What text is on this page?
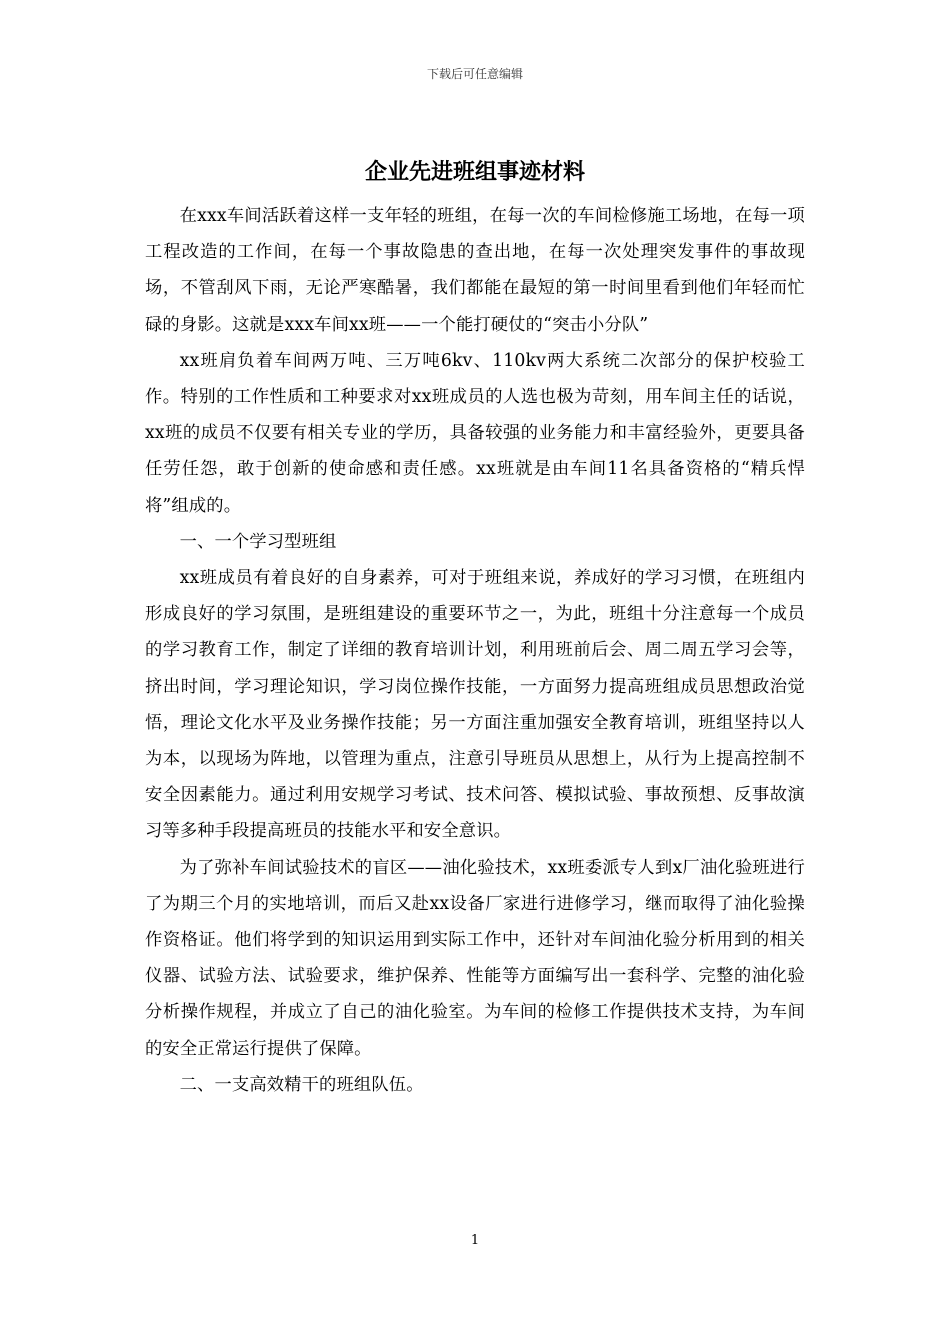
下载后可任意编辑
企业先进班组事迹材料

在xxx车间活跃着这样一支年轻的班组，在每一次的车间检修施工场地，在每一项工程改造的工作间，在每一个事故隐患的查出地，在每一次处理突发事件的事故现场，不管刮风下雨，无论严寒酷暑，我们都能在最短的第一时间里看到他们年轻而忙碌的身影。这就是xxx车间xx班——一个能打硬仗的“突击小分队”

xx班肩负着车间两万吨、三万吨6kv、110kv两大系统二次部分的保护校验工作。特别的工作性质和工种要求对xx班成员的人选也极为苛刻，用车间主任的话说，xx班的成员不仅要有相关专业的学历，具备较强的业务能力和丰富经验外，更要具备任劳任怨，敢于创新的使命感和责任感。xx班就是由车间11名具备资格的“精兵悍将”组成的。

一、一个学习型班组

xx班成员有着良好的自身素养，可对于班组来说，养成好的学习习惯，在班组内形成良好的学习氛围，是班组建设的重要环节之一，为此，班组十分注意每一个成员的学习教育工作，制定了详细的教育培训计划，利用班前后会、周二周五学习会等，挤出时间，学习理论知识，学习岗位操作技能，一方面努力提高班组成员思想政治觉悟，理论文化水平及业务操作技能；另一方面注重加强安全教育培训，班组坚持以人为本，以现场为阵地，以管理为重点，注意引导班员从思想上，从行为上提高控制不安全因素能力。通过利用安规学习考试、技术问答、模拟试验、事故预想、反事故演习等多种手段提高班员的技能水平和安全意识。

为了弥补车间试验技术的盲区——油化验技术，xx班委派专人到x厂油化验班进行了为期三个月的实地培训，而后又赴xx设备厂家进行进修学习，继而取得了油化验操作资格证。他们将学到的知识运用到实际工作中，还针对车间油化验分析用到的相关仪器、试验方法、试验要求，维护保养、性能等方面编写出一套科学、完整的油化验分析操作规程，并成立了自己的油化验室。为车间的检修工作提供技术支持，为车间的安全正常运行提供了保障。

二、一支高效精干的班组队伍。

1
